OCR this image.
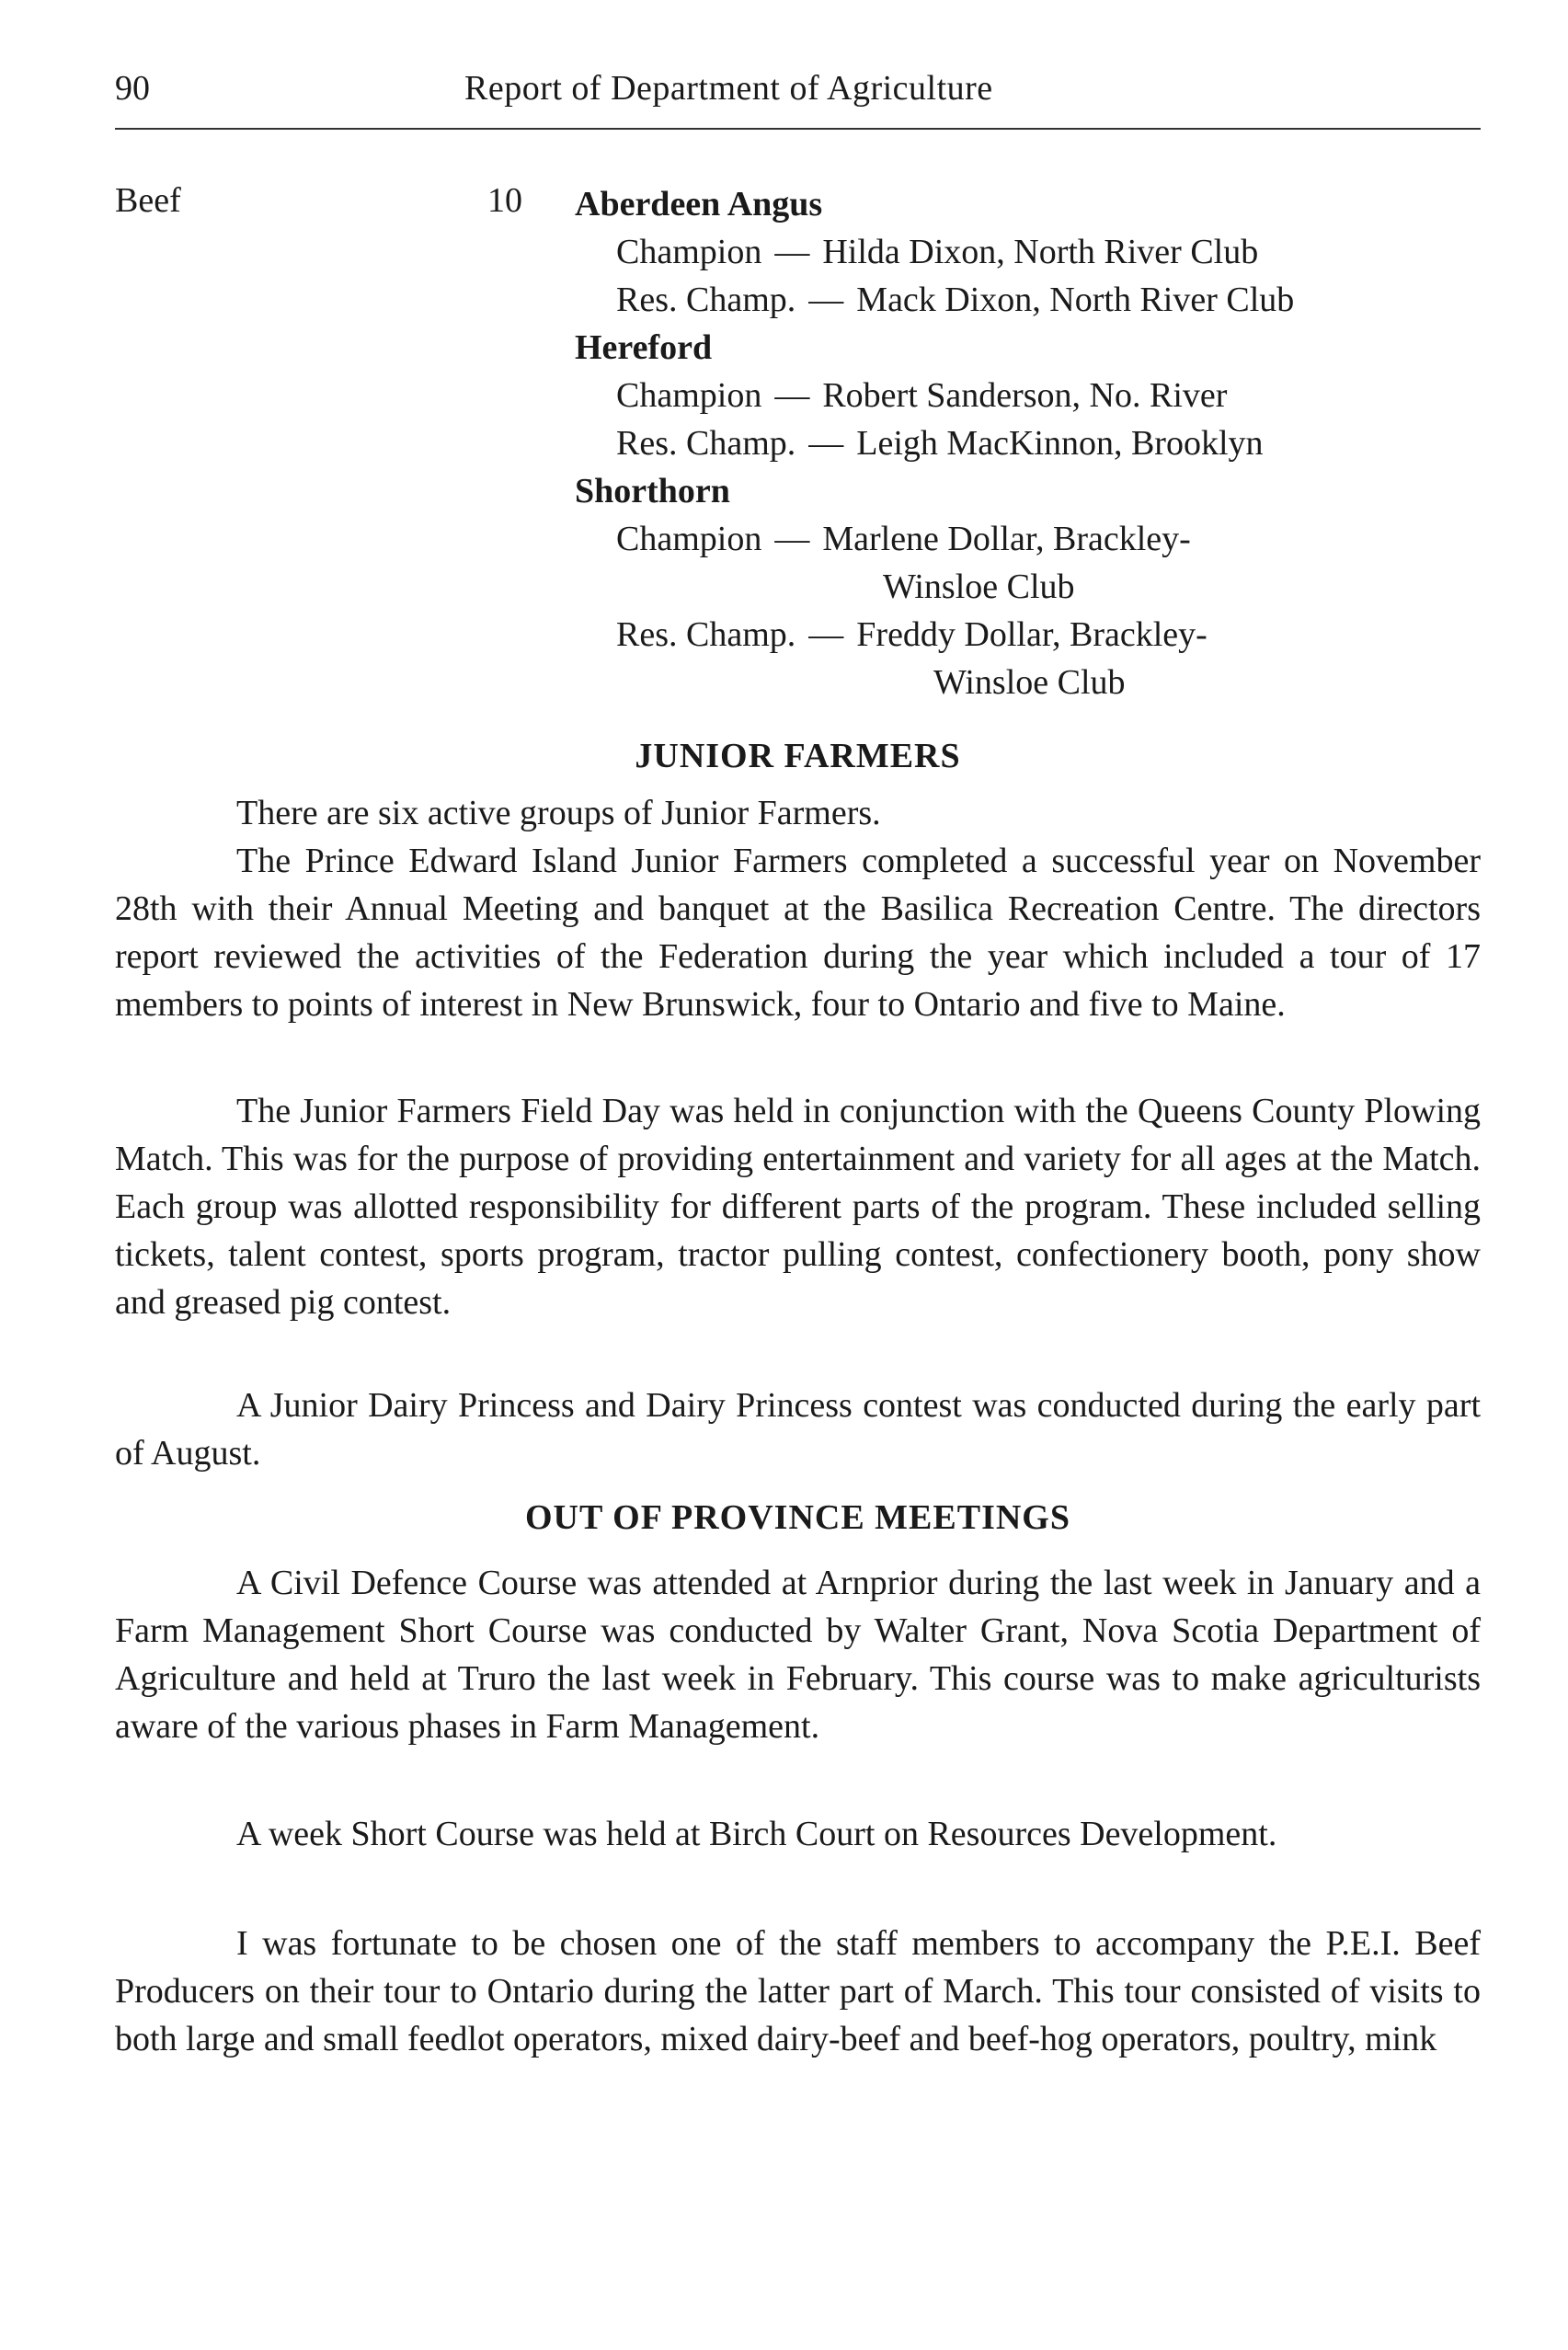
90	Report of Department of Agriculture
Beef	10 Aberdeen Angus
Champion — Hilda Dixon, North River Club
Res. Champ. — Mack Dixon, North River Club
Hereford
Champion — Robert Sanderson, No. River
Res. Champ. — Leigh MacKinnon, Brooklyn
Shorthorn
Champion — Marlene Dollar, Brackley-
Winsloe Club
Res. Champ. — Freddy Dollar, Brackley-
Winsloe Club
JUNIOR FARMERS

There are six active groups of Junior Farmers.

The Prince Edward Island Junior Farmers completed a successful year on November 28th with their Annual Meeting and banquet at the Basilica Recreation Centre. The directors report reviewed the activities of the Federation during the year which included a tour of 17 members to points of interest in New Brunswick, four to Ontario and five to Maine.

The Junior Farmers Field Day was held in conjunction with the Queens County Plowing Match. This was for the purpose of providing entertainment and variety for all ages at the Match. Each group was allotted responsibility for different parts of the program. These included selling tickets, talent contest, sports program, tractor pulling contest, confectionery booth, pony show and greased pig contest.

A Junior Dairy Princess and Dairy Princess contest was conducted during the early part of August.

OUT OF PROVINCE MEETINGS

A Civil Defence Course was attended at Arnprior during the last week in January and a Farm Management Short Course was conducted by Walter Grant, Nova Scotia Department of Agriculture and held at Truro the last week in February. This course was to make agriculturists aware of the various phases in Farm Management.

A week Short Course was held at Birch Court on Resources Development.

I was fortunate to be chosen one of the staff members to accompany the P.E.I. Beef Producers on their tour to Ontario during the latter part of March. This tour consisted of visits to both large and small feedlot operators, mixed dairy-beef and beef-hog operators, poultry, mink
